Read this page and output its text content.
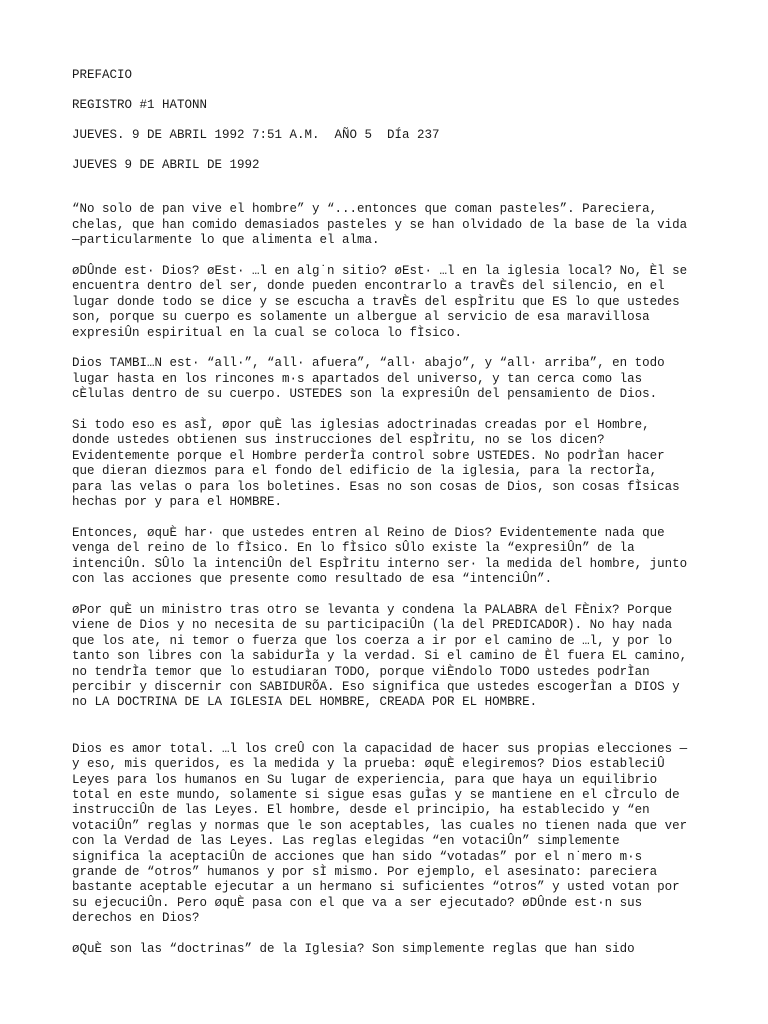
PREFACIO
REGISTRO #1 HATONN
JUEVES. 9 DE ABRIL 1992 7:51 A.M.  AÑO 5  DÍa 237
JUEVES 9 DE ABRIL DE 1992
“No solo de pan vive el hombre” y “...entonces que coman pasteles”. Pareciera,
chelas, que han comido demasiados pasteles y se han olvidado de la base de la vida
—particularmente lo que alimenta el alma.
øDÛnde est· Dios? øEst· …l en alg˙n sitio? øEst· …l en la iglesia local? No, Èl se
encuentra dentro del ser, donde pueden encontrarlo a travÈs del silencio, en el
lugar donde todo se dice y se escucha a travÈs del espÌritu que ES lo que ustedes
son, porque su cuerpo es solamente un albergue al servicio de esa maravillosa
expresiÛn espiritual en la cual se coloca lo fÌsico.
Dios TAMBI…N est· “all·”, “all· afuera”, “all· abajo”, y “all· arriba”, en todo
lugar hasta en los rincones m·s apartados del universo, y tan cerca como las
cÈlulas dentro de su cuerpo. USTEDES son la expresiÛn del pensamiento de Dios.
Si todo eso es asÌ, øpor quÈ las iglesias adoctrinadas creadas por el Hombre,
donde ustedes obtienen sus instrucciones del espÌritu, no se los dicen?
Evidentemente porque el Hombre perderÌa control sobre USTEDES. No podrÌan hacer
que dieran diezmos para el fondo del edificio de la iglesia, para la rectorÌa,
para las velas o para los boletines. Esas no son cosas de Dios, son cosas fÌsicas
hechas por y para el HOMBRE.
Entonces, øquÈ har· que ustedes entren al Reino de Dios? Evidentemente nada que
venga del reino de lo fÌsico. En lo fÌsico sÛlo existe la “expresiÛn” de la
intenciÛn. SÛlo la intenciÛn del EspÌritu interno ser· la medida del hombre, junto
con las acciones que presente como resultado de esa “intenciÛn”.
øPor quÈ un ministro tras otro se levanta y condena la PALABRA del FÈnix? Porque
viene de Dios y no necesita de su participaciÛn (la del PREDICADOR). No hay nada
que los ate, ni temor o fuerza que los coerza a ir por el camino de …l, y por lo
tanto son libres con la sabidurÌa y la verdad. Si el camino de Èl fuera EL camino,
no tendrÌa temor que lo estudiaran TODO, porque viÈndolo TODO ustedes podrÌan
percibir y discernir con SABIDURÕA. Eso significa que ustedes escogerÌan a DIOS y
no LA DOCTRINA DE LA IGLESIA DEL HOMBRE, CREADA POR EL HOMBRE.
Dios es amor total. …l los creÛ con la capacidad de hacer sus propias elecciones —
y eso, mis queridos, es la medida y la prueba: øquÈ elegiremos? Dios estableciÛ
Leyes para los humanos en Su lugar de experiencia, para que haya un equilibrio
total en este mundo, solamente si sigue esas guÌas y se mantiene en el cÌrculo de
instrucciÛn de las Leyes. El hombre, desde el principio, ha establecido y “en
votaciÛn” reglas y normas que le son aceptables, las cuales no tienen nada que ver
con la Verdad de las Leyes. Las reglas elegidas “en votaciÛn” simplemente
significa la aceptaciÛn de acciones que han sido “votadas” por el n˙mero m·s
grande de “otros” humanos y por sÌ mismo. Por ejemplo, el asesinato: pareciera
bastante aceptable ejecutar a un hermano si suficientes “otros” y usted votan por
su ejecuciÛn. Pero øquÈ pasa con el que va a ser ejecutado? øDÛnde est·n sus
derechos en Dios?
øQuÈ son las “doctrinas” de la Iglesia? Son simplemente reglas que han sido
